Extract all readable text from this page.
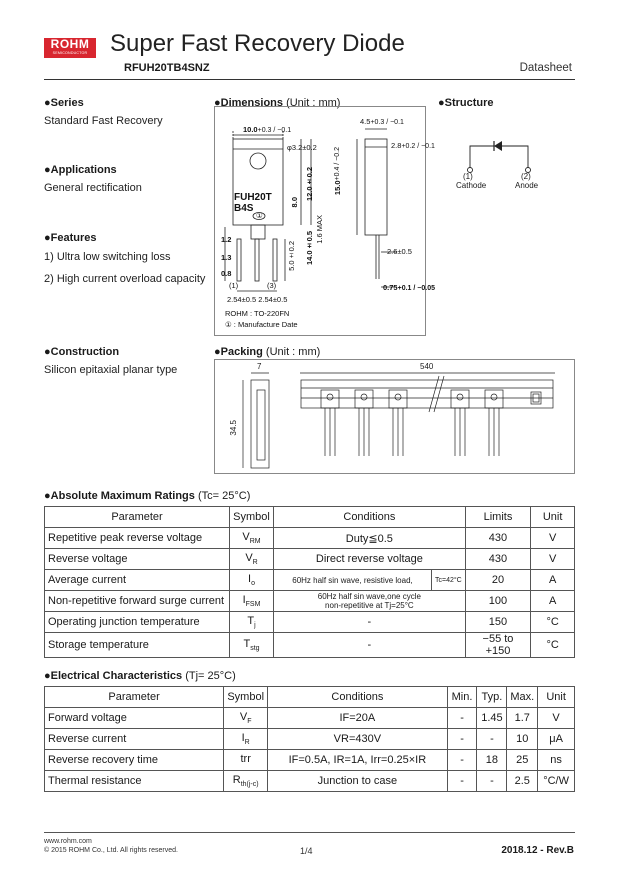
ROHM
SEMICONDUCTOR Super Fast Recovery Diode
RFUH20TB4SNZ	Datasheet
●Series
Standard Fast Recovery
●Applications
General rectification
●Features
1) Ultra low switching loss
2) High current overload capacity
●Construction
Silicon epitaxial planar type
●Dimensions (Unit : mm)
10.0+0.3 / −0.1
φ3.2±0.2
4.5+0.3 / −0.1
2.8+0.2 / −0.1
15.0+0.4 / −0.2
12.0±0.2
8.0
1.6 MAX
5.0±0.2 14.0±0.5
1.2
1.3
0.8
(1)	(3)
2.54±0.5 2.54±0.5
2.6±0.5
0.75+0.1 / −0.05
FUH20T
B4S
①
ROHM : TO-220FN
① : Manufacture Date
●Structure
(1)
Cathode
(2)
Anode
●Packing (Unit : mm)
7	540
34.5
●Absolute Maximum Ratings (Tc= 25°C)
Parameter	Symbol	Conditions		Limits	Unit
Repetitive peak reverse voltage	$V_{RM}$	Duty≦0.5		430	V
Reverse voltage	$V_R$	Direct reverse voltage		430	V
Average current	$I_o$	60Hz half sin wave, resistive load,	Tc=42°C	20	A
Non-repetitive forward surge current	$I_{FSM}$	60Hz half sin wave,one cycle
non-repetitive at Tj=25°C		100	A
Operating junction temperature	$T_j$	-		150	°C
Storage temperature	$T_{stg}$	-		−55 to +150	°C
●Electrical Characteristics (Tj= 25°C)
Parameter	Symbol	Conditions	Min.	Typ.	Max.	Unit
Forward voltage	$V_F$	IF=20A	-	1.45	1.7	V
Reverse current	$I_R$	VR=430V	-	-	10	μA
Reverse recovery time	trr	IF=0.5A, IR=1A, Irr=0.25×IR	-	18	25	ns
Thermal resistance	$R_{th(j-c)}$	Junction to case	-	-	2.5	°C/W
www.rohm.com
© 2015 ROHM Co., Ltd. All rights reserved.	1/4	2018.12 - Rev.B
